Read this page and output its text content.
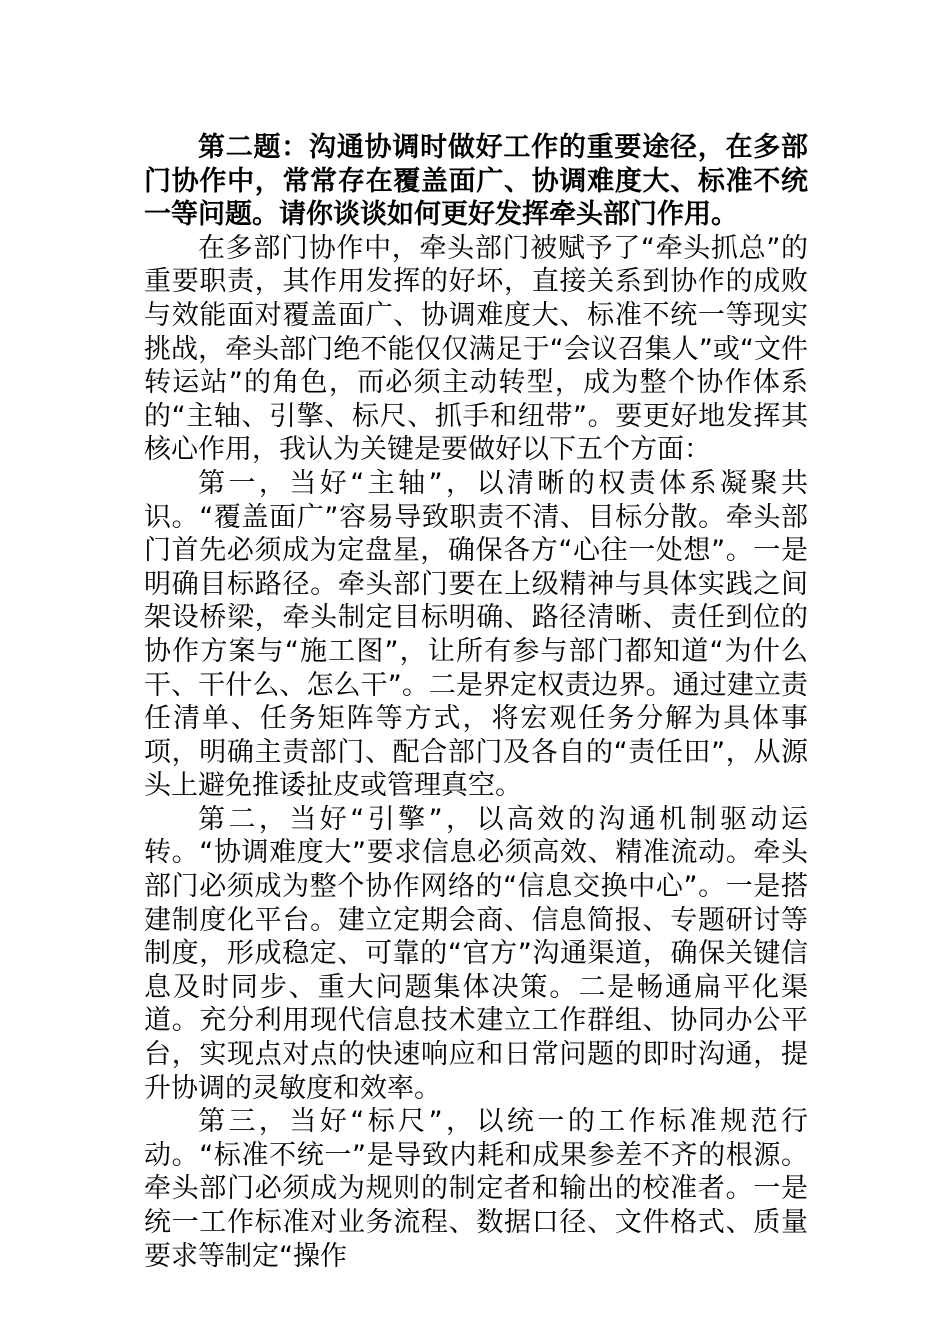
第二题：沟通协调时做好工作的重要途径，在多部门协作中，常常存在覆盖面广、协调难度大、标准不统一等问题。请你谈谈如何更好发挥牵头部门作用。

在多部门协作中，牵头部门被赋予了“牵头抓总”的重要职责，其作用发挥的好坏，直接关系到协作的成败与效能面对覆盖面广、协调难度大、标准不统一等现实挑战，牵头部门绝不能仅仅满足于“会议召集人”或“文件转运站”的角色，而必须主动转型，成为整个协作体系的“主轴、引擎、标尺、抓手和纽带”。要更好地发挥其核心作用，我认为关键是要做好以下五个方面：

第一，当好“主轴”，以清晰的权责体系凝聚共识。“覆盖面广”容易导致职责不清、目标分散。牵头部门首先必须成为定盘星，确保各方“心往一处想”。一是明确目标路径。牵头部门要在上级精神与具体实践之间架设桥梁，牵头制定目标明确、路径清晰、责任到位的协作方案与“施工图”，让所有参与部门都知道“为什么干、干什么、怎么干”。二是界定权责边界。通过建立责任清单、任务矩阵等方式，将宏观任务分解为具体事项，明确主责部门、配合部门及各自的“责任田”，从源头上避免推诿扯皮或管理真空。

第二，当好“引擎”，以高效的沟通机制驱动运转。“协调难度大”要求信息必须高效、精准流动。牵头部门必须成为整个协作网络的“信息交换中心”。一是搭建制度化平台。建立定期会商、信息简报、专题研讨等制度，形成稳定、可靠的“官方”沟通渠道，确保关键信息及时同步、重大问题集体决策。二是畅通扁平化渠道。充分利用现代信息技术建立工作群组、协同办公平台，实现点对点的快速响应和日常问题的即时沟通，提升协调的灵敏度和效率。

第三，当好“标尺”，以统一的工作标准规范行动。“标准不统一”是导致内耗和成果参差不齐的根源。牵头部门必须成为规则的制定者和输出的校准者。一是统一工作标准对业务流程、数据口径、文件格式、质量要求等制定“操作
